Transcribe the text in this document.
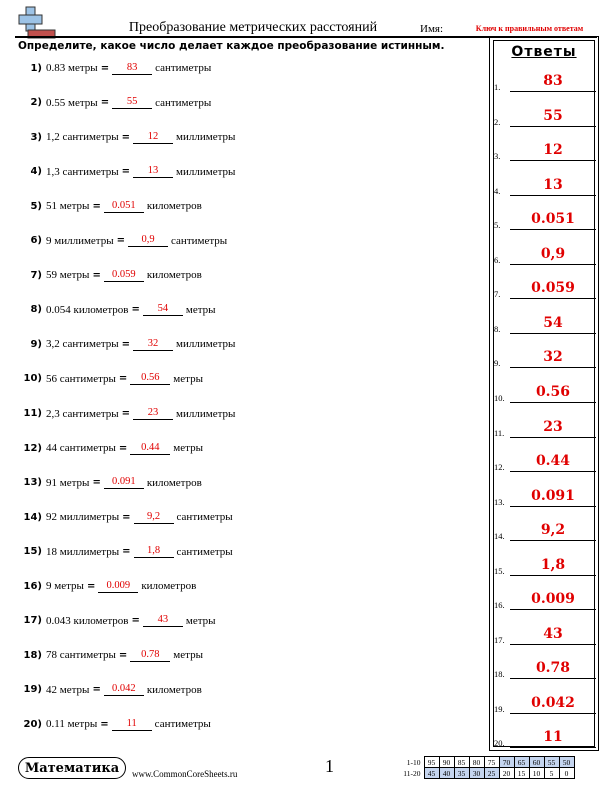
Преобразование метрических расстояний	Имя:	Ключ к правильным ответам
Определите, какое число делает каждое преобразование истинным.	Ответы
1) 0.83 метры =	83	сантиметры
2) 0.55 метры =	55	сантиметры
3) 1,2 сантиметры =	12	миллиметры
4) 1,3 сантиметры =	13	миллиметры
5) 51 метры =	0.051	километров
6) 9 миллиметры =	0,9	сантиметры
7) 59 метры =	0.059	километров
8) 0.054 километров =	54	метры
9) 3,2 сантиметры =	32	миллиметры
10) 56 сантиметры =	0.56	метры
11) 2,3 сантиметры =	23	миллиметры
12) 44 сантиметры =	0.44	метры
13) 91 метры =	0.091	километров
14) 92 миллиметры =	9,2	сантиметры
15) 18 миллиметры =	1,8	сантиметры
16) 9 метры =	0.009	километров
17) 0.043 километров =	43	метры
18) 78 сантиметры =	0.78	метры
19) 42 метры =	0.042	километров
20) 0.11 метры =	11	сантиметры
1.	83
2.	55
3.	12
4.	13
5.	0.051
6.	0,9
7.	0.059
8.	54
9.	32
10.	0.56
11.	23
12.	0.44
13.	0.091
14.	9,2
15.	1,8
16.	0.009
17.	43
18.	0.78
19.	0.042
20.	11
Математика	www.CommonCoreSheets.ru	1	1-10	95	90	85	80	75	70	65	60	55	50
11-20	45	40	35	30	25	20	15	10	5	0
